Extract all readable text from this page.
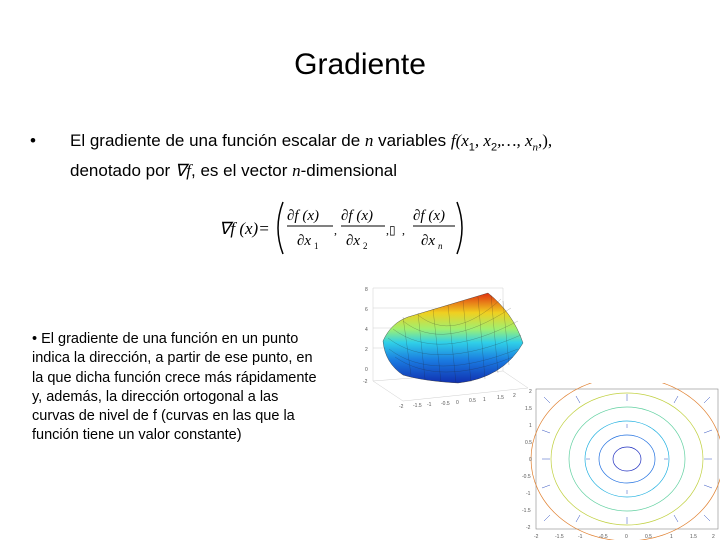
Gradiente
• El gradiente de una función escalar de n variables $f(x_1$, $x_2,\dots$, $x_n$,),
denotado por ∇f, es el vector n-dimensional
∇f (x)=
∂f (x)
∂x 1
,
∂f (x)
∂x 2
,▯ ,
∂f (x)
∂x n
• El gradiente de una función en un punto indica la dirección, a partir de ese punto, en la que dicha función crece más rápidamente y, además, la dirección ortogonal a las curvas de nivel de f (curvas en las que la función tiene un valor constante)
8
6
4
2
0
-2
-2 -1.5 -1 -0.5 0 0.5 1 1.5 2
2
1.5
1
0.5
0
-0.5
-1
-1.5
-2
-2	-1.5	-1	-0.5	0	0.5	1	1.5	2
